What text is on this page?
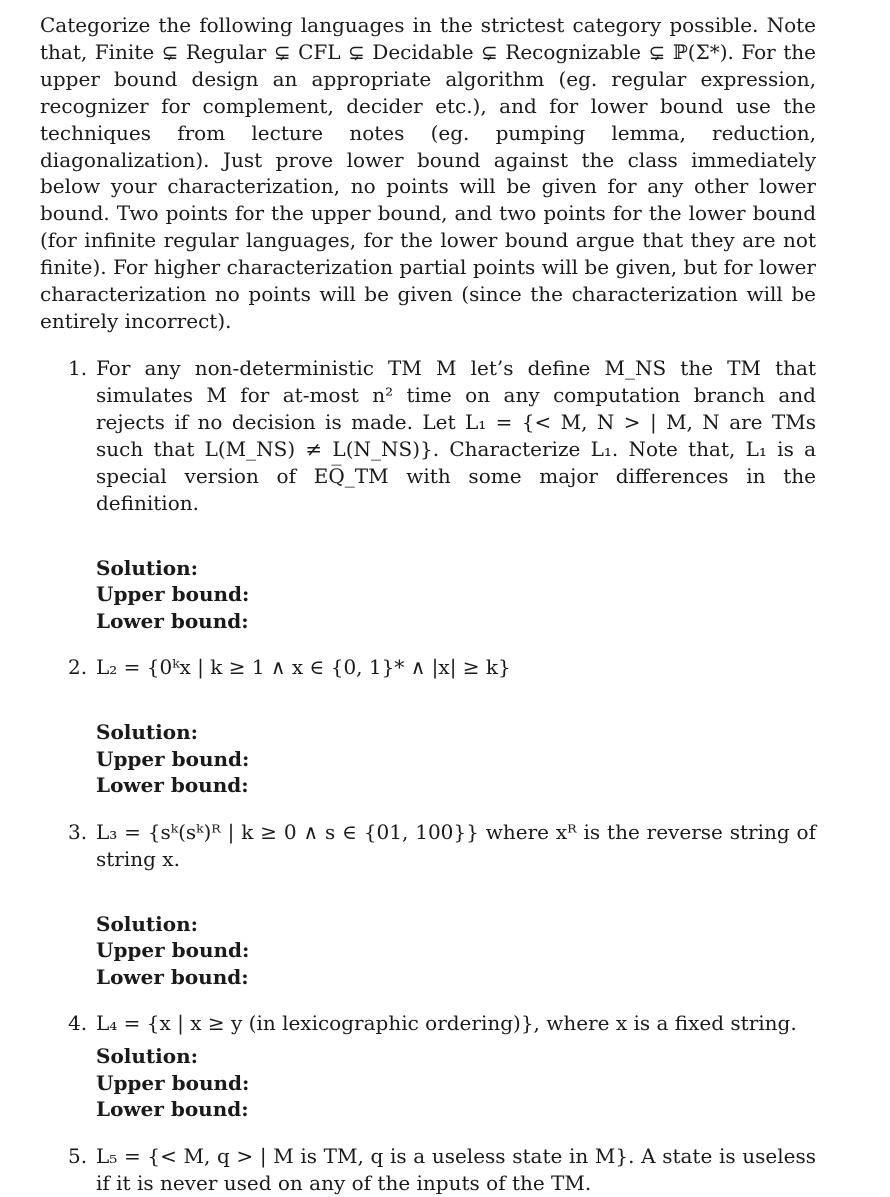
Categorize the following languages in the strictest category possible. Note that, Finite ⊊ Regular ⊊ CFL ⊊ Decidable ⊊ Recognizable ⊊ ℙ(Σ*). For the upper bound design an appropriate algorithm (eg. regular expression, recognizer for complement, decider etc.), and for lower bound use the techniques from lecture notes (eg. pumping lemma, reduction, diagonalization). Just prove lower bound against the class immediately below your characterization, no points will be given for any other lower bound. Two points for the upper bound, and two points for the lower bound (for infinite regular languages, for the lower bound argue that they are not finite). For higher characterization partial points will be given, but for lower characterization no points will be given (since the characterization will be entirely incorrect).

1. For any non-deterministic TM M let’s define M_NS the TM that simulates M for at-most n² time on any computation branch and rejects if no decision is made. Let L₁ = {< M, N > | M, N are TMs such that L(M_NS) ≠ L(N_NS)}. Characterize L₁. Note that, L₁ is a special version of EQ̅_TM with some major differences in the definition.
Solution:
Upper bound:
Lower bound:
2. L₂ = {0ᵏx | k ≥ 1 ∧ x ∈ {0, 1}* ∧ |x| ≥ k}
Solution:
Upper bound:
Lower bound:
3. L₃ = {sᵏ(sᵏ)ᴿ | k ≥ 0 ∧ s ∈ {01, 100}} where xᴿ is the reverse string of string x.
Solution:
Upper bound:
Lower bound:
4. L₄ = {x | x ≥ y (in lexicographic ordering)}, where x is a fixed string.
Solution:
Upper bound:
Lower bound:
5. L₅ = {< M, q > | M is TM, q is a useless state in M}. A state is useless if it is never used on any of the inputs of the TM.
